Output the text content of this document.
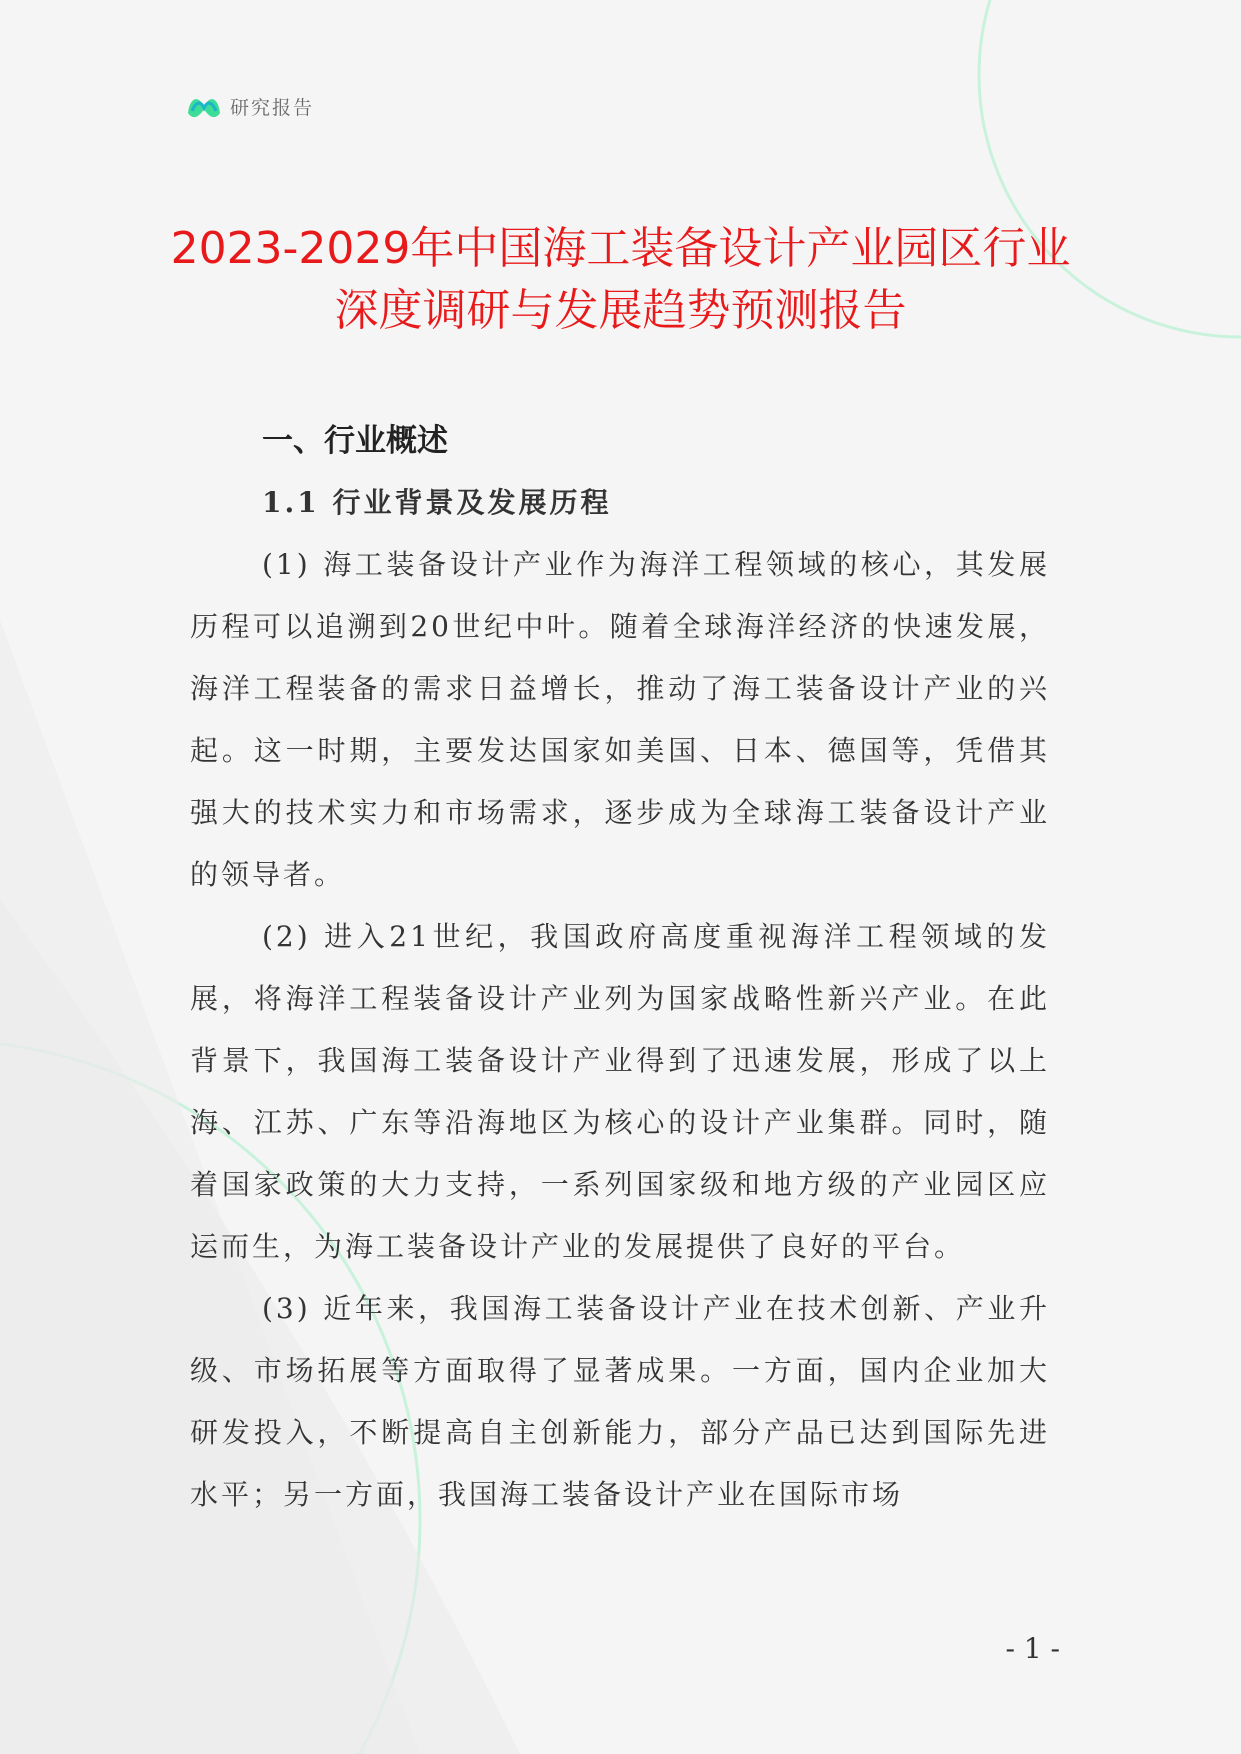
研究报告
2023-2029年中国海工装备设计产业园区行业深度调研与发展趋势预测报告
一、行业概述
1.1 行业背景及发展历程

(1) 海工装备设计产业作为海洋工程领域的核心，其发展历程可以追溯到20世纪中叶。随着全球海洋经济的快速发展，海洋工程装备的需求日益增长，推动了海工装备设计产业的兴起。这一时期，主要发达国家如美国、日本、德国等，凭借其强大的技术实力和市场需求，逐步成为全球海工装备设计产业的领导者。

(2) 进入21世纪，我国政府高度重视海洋工程领域的发展，将海洋工程装备设计产业列为国家战略性新兴产业。在此背景下，我国海工装备设计产业得到了迅速发展，形成了以上海、江苏、广东等沿海地区为核心的设计产业集群。同时，随着国家政策的大力支持，一系列国家级和地方级的产业园区应运而生，为海工装备设计产业的发展提供了良好的平台。

(3) 近年来，我国海工装备设计产业在技术创新、产业升级、市场拓展等方面取得了显著成果。一方面，国内企业加大研发投入，不断提高自主创新能力，部分产品已达到国际先进水平；另一方面，我国海工装备设计产业在国际市场

- 1 -
